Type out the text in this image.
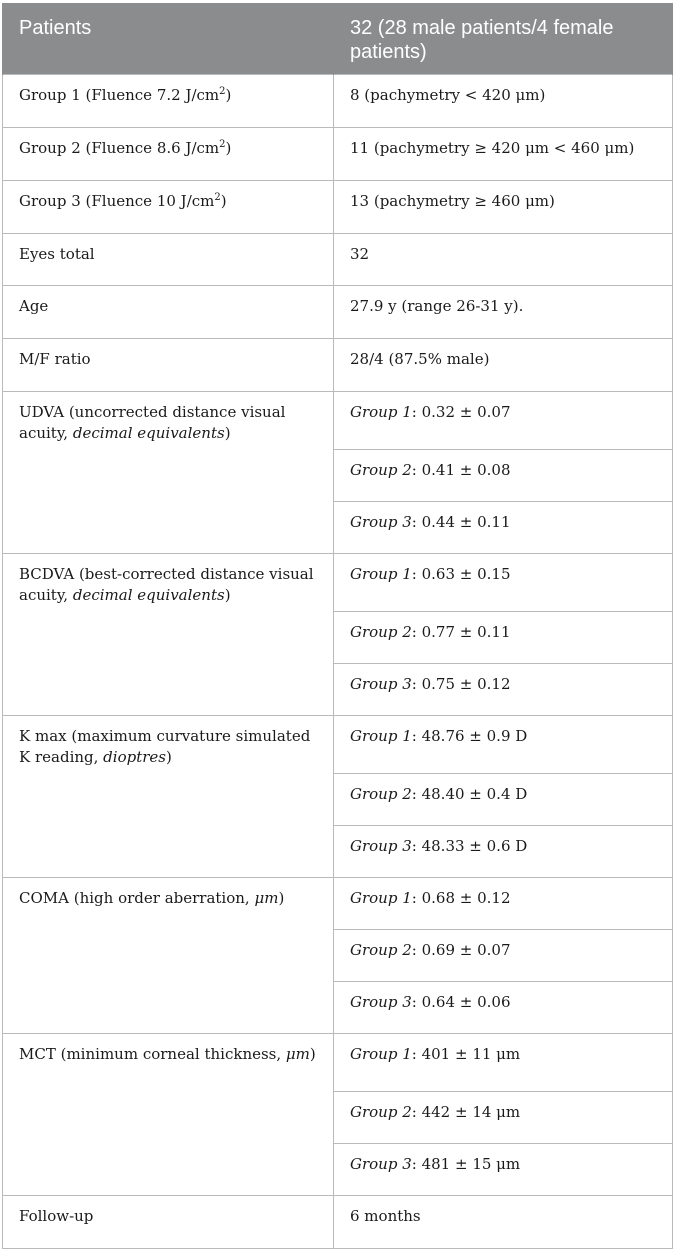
Patients	32 (28 male patients/4 female patients)
Group 1 (Fluence 7.2 $J/cm^2$)	8 (pachymetry < 420 μm)
Group 2 (Fluence 8.6 $J/cm^2$)	11 (pachymetry ≥ 420 μm < 460 μm)
Group 3 (Fluence 10 $J/cm^2$)	13 (pachymetry ≥ 460 μm)
Eyes total	32
Age	27.9 y (range 26-31 y).
M/F ratio	28/4 (87.5% male)
UDVA (uncorrected distance visual acuity, decimal equivalents)	Group 1: 0.32 ± 0.07
	Group 2: 0.41 ± 0.08
	Group 3: 0.44 ± 0.11
BCDVA (best-corrected distance visual acuity, decimal equivalents)	Group 1: 0.63 ± 0.15
	Group 2: 0.77 ± 0.11
	Group 3: 0.75 ± 0.12
K max (maximum curvature simulated K reading, dioptres)	Group 1: 48.76 ± 0.9 D
	Group 2: 48.40 ± 0.4 D
	Group 3: 48.33 ± 0.6 D
COMA (high order aberration, μm)	Group 1: 0.68 ± 0.12
	Group 2: 0.69 ± 0.07
	Group 3: 0.64 ± 0.06
MCT (minimum corneal thickness, μm)	Group 1: 401 ± 11 μm
	Group 2: 442 ± 14 μm
	Group 3: 481 ± 15 μm
Follow-up	6 months
